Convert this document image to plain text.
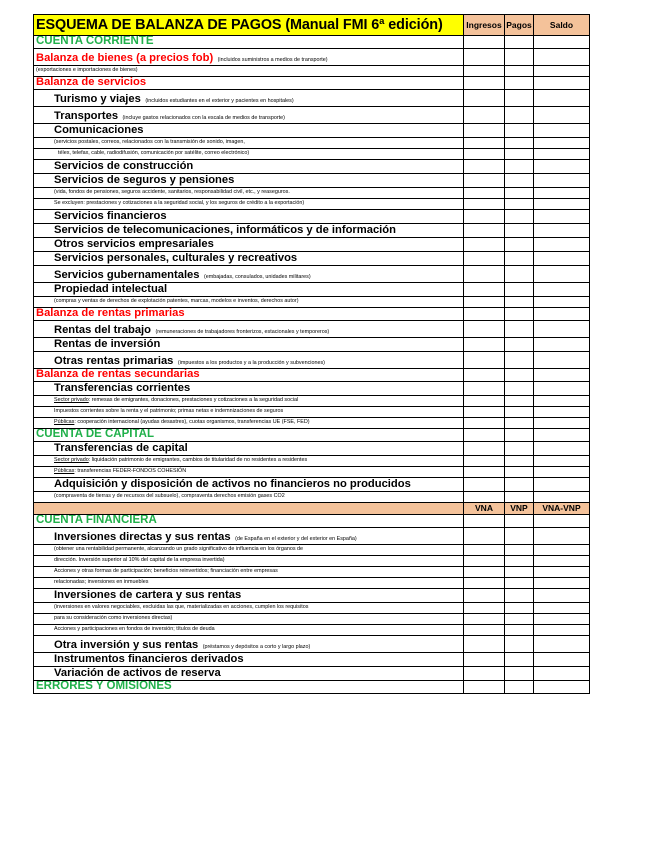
ESQUEMA DE BALANZA DE PAGOS (Manual FMI 6ª edición)	Ingresos	Pagos	Saldo
CUENTA CORRIENTE			
Balanza de bienes (a precios fob) (incluidos suministros a medios de transporte)			
(exportaciones e importaciones de bienes)			
Balanza de servicios			
Turismo y viajes (incluidos estudiantes en el exterior y pacientes en hospitales)			
Transportes (incluye gastos relacionados con la escala de medios de transporte)			
Comunicaciones			
(servicios postales, correos, relacionados con la transmisión de sonido, imagen,			
télex, telefax, cable, radiodifusión, comunicación por satélite, correo electrónico)			
Servicios de construcción			
Servicios de seguros y pensiones			
(vida, fondos de pensiones, seguros accidente, sanitarios, responsabilidad civil, etc., y reaseguros.			
Se excluyen: prestaciones y cotizaciones a la seguridad social, y los seguros de crédito a la exportación)			
Servicios financieros			
Servicios de telecomunicaciones, informáticos y de información			
Otros servicios empresariales			
Servicios personales, culturales y recreativos			
Servicios gubernamentales (embajadas, consulados, unidades militares)			
Propiedad intelectual			
(compras y ventas de derechos de explotación patentes, marcas, modelos e inventos, derechos autor)			
Balanza de rentas primarias			
Rentas del trabajo (remuneraciones de trabajadores fronterizos, estacionales y temporeros)			
Rentas de inversión			
Otras rentas primarias (impuestos a los productos y a la producción y subvenciones)			
Balanza de rentas secundarias			
Transferencias corrientes			
Sector privado: remesas de emigrantes, donaciones, prestaciones y cotizaciones a la seguridad social			
Impuestos corrientes sobre la renta y el patrimonio; primas netas e indemnizaciones de seguros			
Públicas: cooperación internacional (ayudas desastres), cuotas organismos, transferencias UE (FSE, FED)			
CUENTA DE CAPITAL			
Transferencias de capital			
Sector privado: liquidación patrimonio de emigrantes, cambios de titularidad de no residentes a residentes			
Públicas: transferencias FEDER-FONDOS COHESIÓN			
Adquisición y disposición de activos no financieros no producidos			
(compraventa de tierras y de recursos del subsuelo), compraventa derechos emisión gases CO2			
	VNA	VNP	VNA-VNP
CUENTA FINANCIERA			
Inversiones directas y sus rentas (de España en el exterior y del exterior en España)			
(obtener una rentabilidad permanente, alcanzando un grado significativo de influencia en los órganos de			
dirección. Inversión superior al 10% del capital de la empresa invertida)			
Acciones y otras formas de participación; beneficios reinvertidos; financiación entre empresas			
relacionadas; inversiones en inmuebles			
Inversiones de cartera y sus rentas			
(inversiones en valores negociables, excluidas las que, materializadas en acciones, cumplen los requisitos			
para su consideración como inversiones directas)			
Acciones y participaciones en fondos de inversión; títulos de deuda			
Otra inversión y sus rentas (préstamos y depósitos a corto y largo plazo)			
Instrumentos financieros derivados			
Variación de activos de reserva			
ERRORES Y OMISIONES			
